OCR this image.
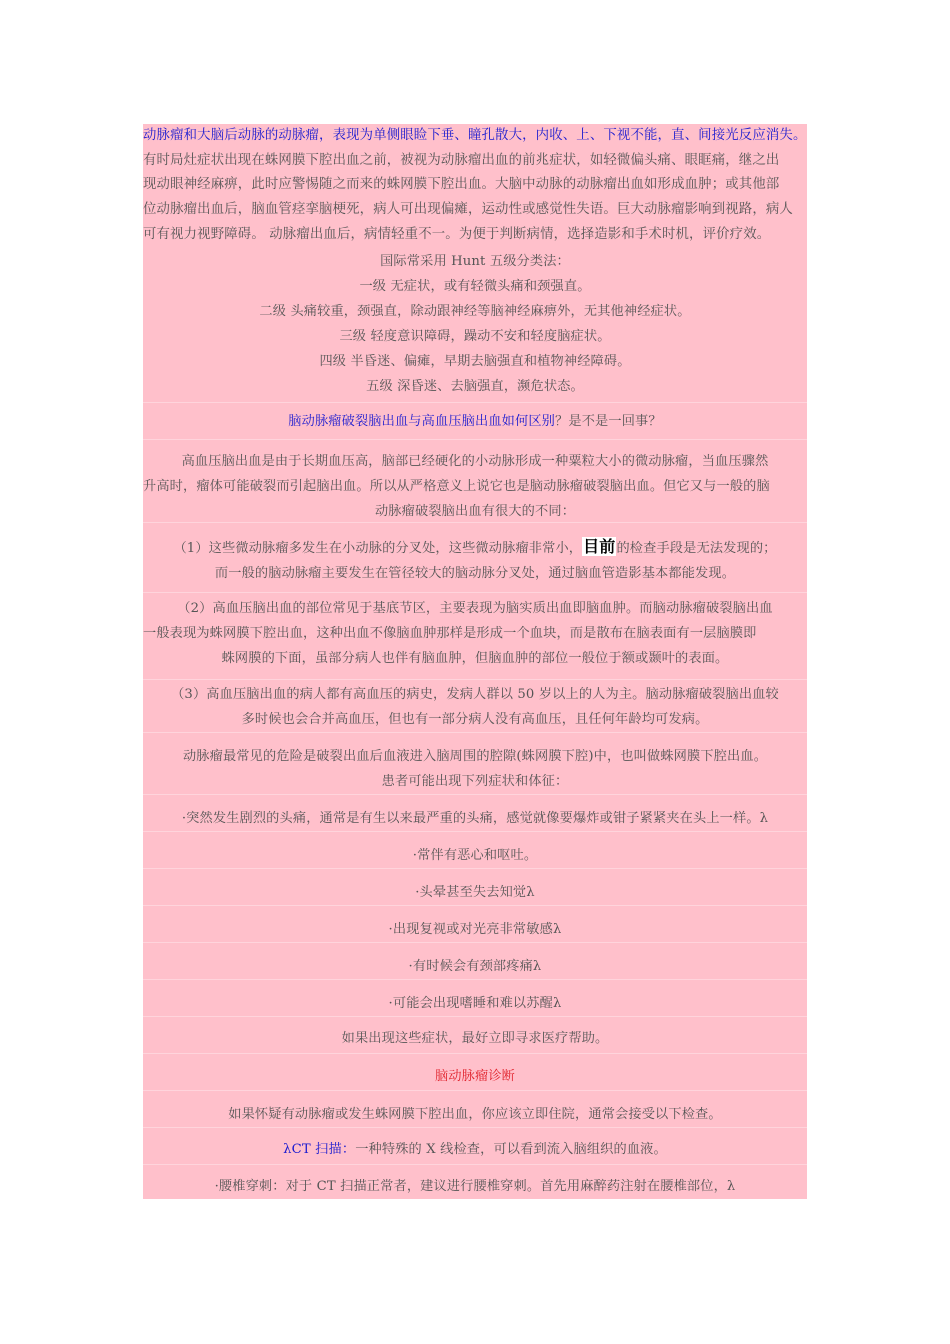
动脉瘤和大脑后动脉的动脉瘤，表现为单侧眼睑下垂、瞳孔散大，内收、上、下视不能，直、间接光反应消失。
有时局灶症状出现在蛛网膜下腔出血之前，被视为动脉瘤出血的前兆症状，如轻微偏头痛、眼眶痛，继之出
现动眼神经麻痹，此时应警惕随之而来的蛛网膜下腔出血。大脑中动脉的动脉瘤出血如形成血肿；或其他部
位动脉瘤出血后，脑血管痉挛脑梗死，病人可出现偏瘫，运动性或感觉性失语。巨大动脉瘤影响到视路，病人
可有视力视野障碍。 动脉瘤出血后，病情轻重不一。为便于判断病情，选择造影和手术时机，评价疗效。
国际常采用 Hunt 五级分类法：
一级 无症状，或有轻微头痛和颈强直。
二级 头痛较重，颈强直，除动跟神经等脑神经麻痹外，无其他神经症状。
三级 轻度意识障碍，躁动不安和轻度脑症状。
四级 半昏迷、偏瘫，早期去脑强直和植物神经障碍。
五级 深昏迷、去脑强直，濒危状态。
脑动脉瘤破裂脑出血与高血压脑出血如何区别？是不是一回事？
高血压脑出血是由于长期血压高，脑部已经硬化的小动脉形成一种粟粒大小的微动脉瘤，当血压骤然
升高时，瘤体可能破裂而引起脑出血。所以从严格意义上说它也是脑动脉瘤破裂脑出血。但它又与一般的脑
动脉瘤破裂脑出血有很大的不同：
（1）这些微动脉瘤多发生在小动脉的分叉处，这些微动脉瘤非常小，目前的检查手段是无法发现的；
而一般的脑动脉瘤主要发生在管径较大的脑动脉分叉处，通过脑血管造影基本都能发现。
（2）高血压脑出血的部位常见于基底节区，主要表现为脑实质出血即脑血肿。而脑动脉瘤破裂脑出血
一般表现为蛛网膜下腔出血，这种出血不像脑血肿那样是形成一个血块，而是散布在脑表面有一层脑膜即
蛛网膜的下面，虽部分病人也伴有脑血肿，但脑血肿的部位一般位于额或颞叶的表面。
（3）高血压脑出血的病人都有高血压的病史，发病人群以 50 岁以上的人为主。脑动脉瘤破裂脑出血较
多时候也会合并高血压，但也有一部分病人没有高血压，且任何年龄均可发病。
动脉瘤最常见的危险是破裂出血后血液进入脑周围的腔隙(蛛网膜下腔)中，也叫做蛛网膜下腔出血。
患者可能出现下列症状和体征：
·突然发生剧烈的头痛，通常是有生以来最严重的头痛，感觉就像要爆炸或钳子紧紧夹在头上一样。λ
·常伴有恶心和呕吐。
·头晕甚至失去知觉λ
·出现复视或对光亮非常敏感λ
·有时候会有颈部疼痛λ
·可能会出现嗜睡和难以苏醒λ
如果出现这些症状，最好立即寻求医疗帮助。
脑动脉瘤诊断
如果怀疑有动脉瘤或发生蛛网膜下腔出血，你应该立即住院，通常会接受以下检查。
λCT 扫描：一种特殊的 X 线检查，可以看到流入脑组织的血液。
·腰椎穿刺：对于 CT 扫描正常者，建议进行腰椎穿刺。首先用麻醉药注射在腰椎部位，λ
